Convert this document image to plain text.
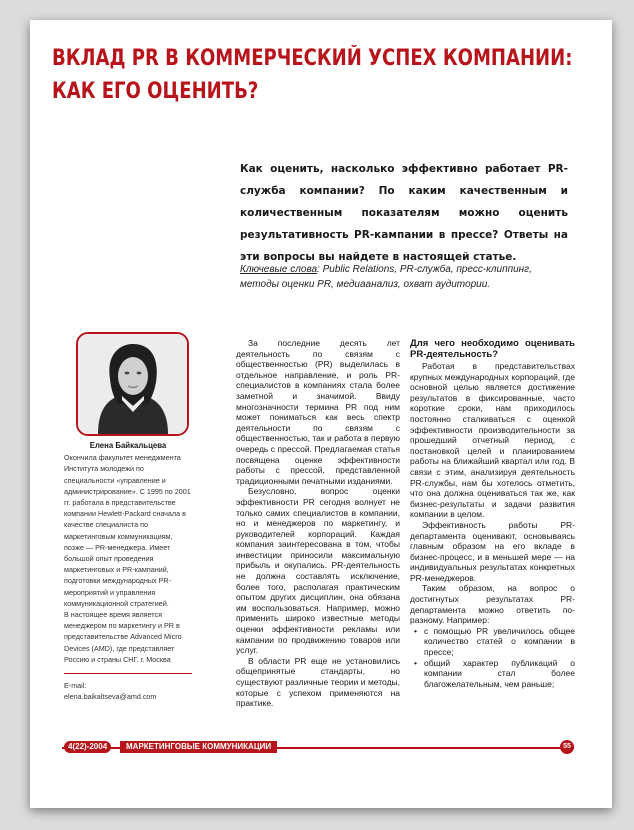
ВКЛАД PR В КОММЕРЧЕСКИЙ УСПЕХ КОМПАНИИ: КАК ЕГО ОЦЕНИТЬ?

Как оценить, насколько эффективно работает PR-служба компании? По каким качественным и количественным показателям можно оценить результативность PR-кампании в прессе? Ответы на эти вопросы вы найдете в настоящей статье.

Ключевые слова: Public Relations, PR-служба, пресс-клиппинг, методы оценки PR, медиаанализ, охват аудитории.

Елена Байкальцева

Окончила факультет менеджмента Института молодежи по специальности «управление и администрирование». С 1995 по 2001 гг. работала в представительстве компании Hewlett-Packard сначала в качестве специалиста по маркетинговым коммуникациям, позже — PR-менеджера. Имеет большой опыт проведения маркетинговых и PR-кампаний, подготовки международных PR-мероприятий и управления коммуникационной стратегией.

В настоящее время является менеджером по маркетингу и PR в представительстве Advanced Micro Devices (AMD), где представляет Россию и страны СНГ. г. Москва

E-mail:

elena.baikaltseva@amd.com

За последние десять лет деятельность по связям с общественностью (PR) выделилась в отдельное направление, и роль PR-специалистов в компаниях стала более заметной и значимой. Ввиду многозначности термина PR под ним может пониматься как весь спектр деятельности по связям с общественностью, так и работа в первую очередь с прессой. Предлагаемая статья посвящена оценке эффективности работы с прессой, представленной традиционными печатными изданиями.

Безусловно, вопрос оценки эффективности PR сегодня волнует не только самих специалистов в компании, но и менеджеров по маркетингу, и руководителей корпораций. Каждая компания заинтересована в том, чтобы инвестиции приносили максимальную прибыль и окупались. PR-деятельность не должна составлять исключение, более того, располагая практическим опытом других дисциплин, она обязана им воспользоваться. Например, можно применить широко известные методы оценки эффективности рекламы или кампании по продвижению товаров или услуг.

В области PR еще не установились общепринятые стандарты, но существуют различные теории и методы, которые с успехом применяются на практике.

Для чего необходимо оценивать PR-деятельность?

Работая в представительствах крупных международных корпораций, где основной целью является достижение результатов в фиксированные, часто короткие сроки, нам приходилось постоянно сталкиваться с оценкой эффективности производительности за прошедший отчетный период, с постановкой целей и планированием работы на ближайший квартал или год. В связи с этим, анализируя деятельность PR-службы, нам бы хотелось отметить, что она должна оцениваться так же, как бизнес-результаты и задачи развития компании в целом.

Эффективность работы PR-департамента оценивают, основываясь главным образом на его вкладе в бизнес-процесс, и в меньшей мере — на индивидуальных результатах конкретных PR-менеджеров.

Таким образом, на вопрос о достигнутых результатах PR-департамента можно ответить по-разному. Например:

• с помощью PR увеличилось общее количество статей о компании в прессе;
• общий характер публикаций о компании стал более благожелательным, чем раньше;
4(22)-2004	МАРКЕТИНГОВЫЕ КОММУНИКАЦИИ	55
